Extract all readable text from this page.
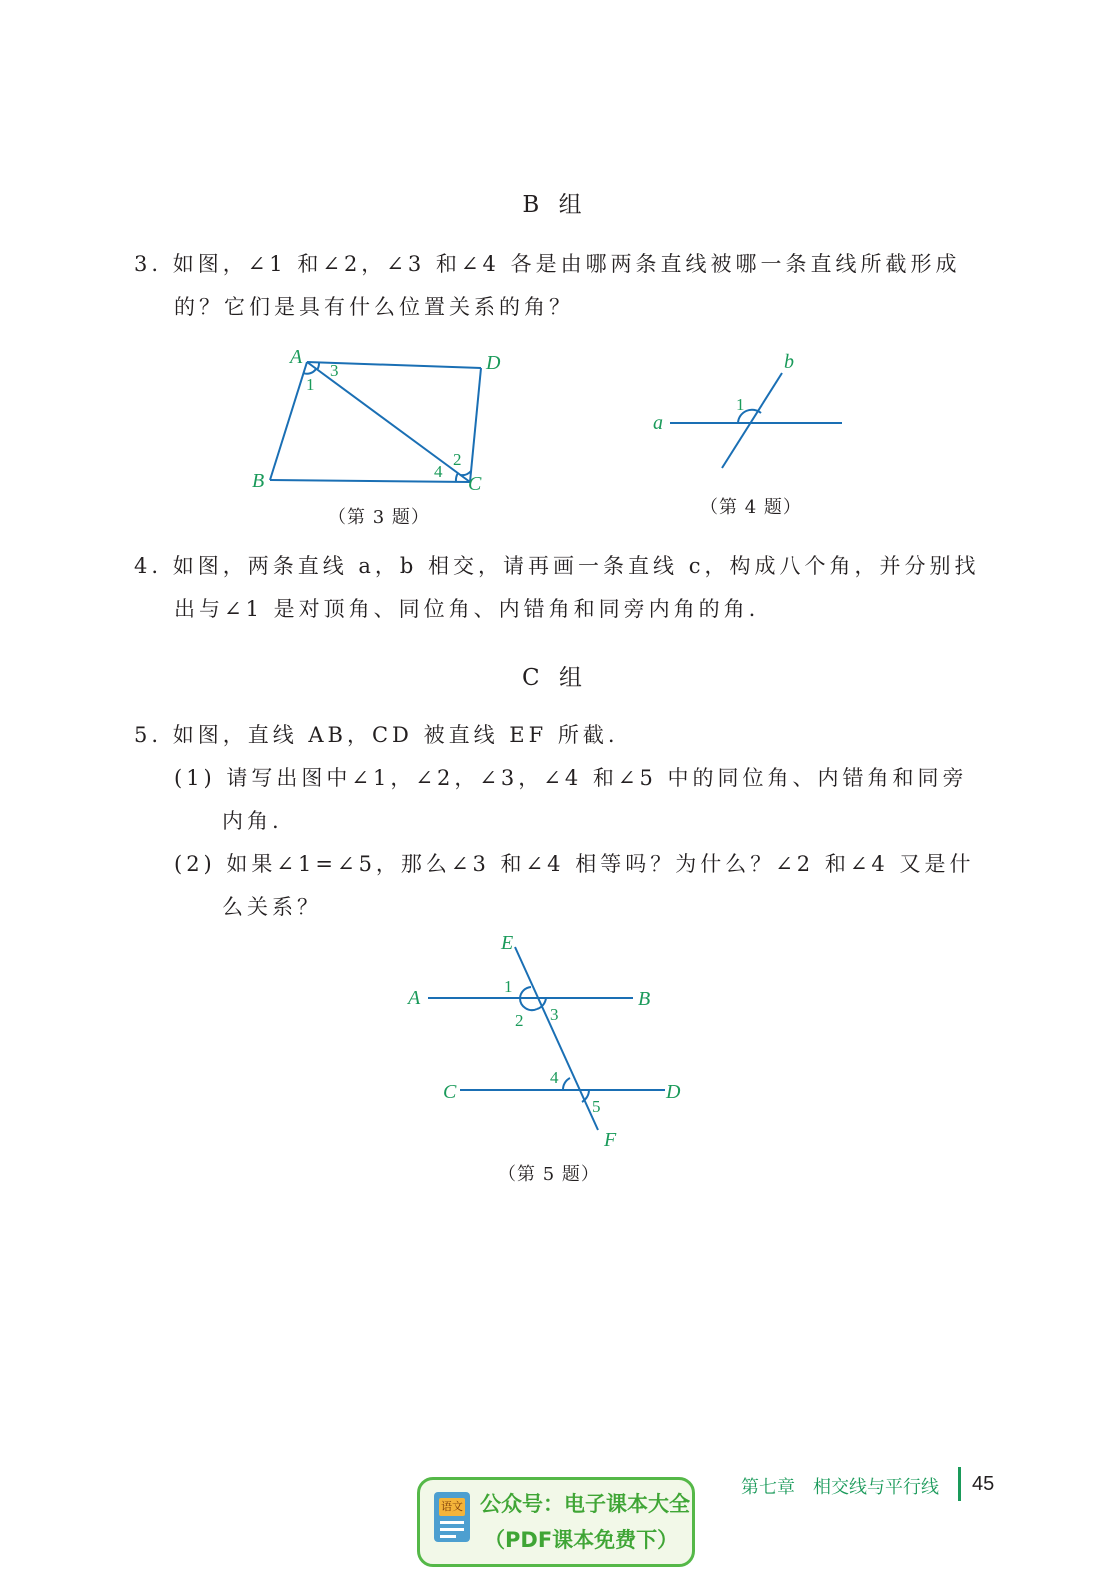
B 组
3. 如图，∠1 和∠2，∠3 和∠4 各是由哪两条直线被哪一条直线所截形成
的？它们是具有什么位置关系的角？
A	D
B	C
1
2
3
4
（第 3 题）
a
b
1
（第 4 题）
4. 如图，两条直线 a，b 相交，请再画一条直线 c，构成八个角，并分别找
出与∠1 是对顶角、同位角、内错角和同旁内角的角.
C 组
5. 如图，直线 AB，CD 被直线 EF 所截.
(1) 请写出图中∠1，∠2，∠3，∠4 和∠5 中的同位角、内错角和同旁
内角.
(2) 如果∠1=∠5，那么∠3 和∠4 相等吗？为什么？∠2 和∠4 又是什
么关系？
E
A	B
C	D
F
1
2 3
4
5
（第 5 题）
语文 公众号：电子课本大全
（PDF课本免费下）
第七章　相交线与平行线 45
